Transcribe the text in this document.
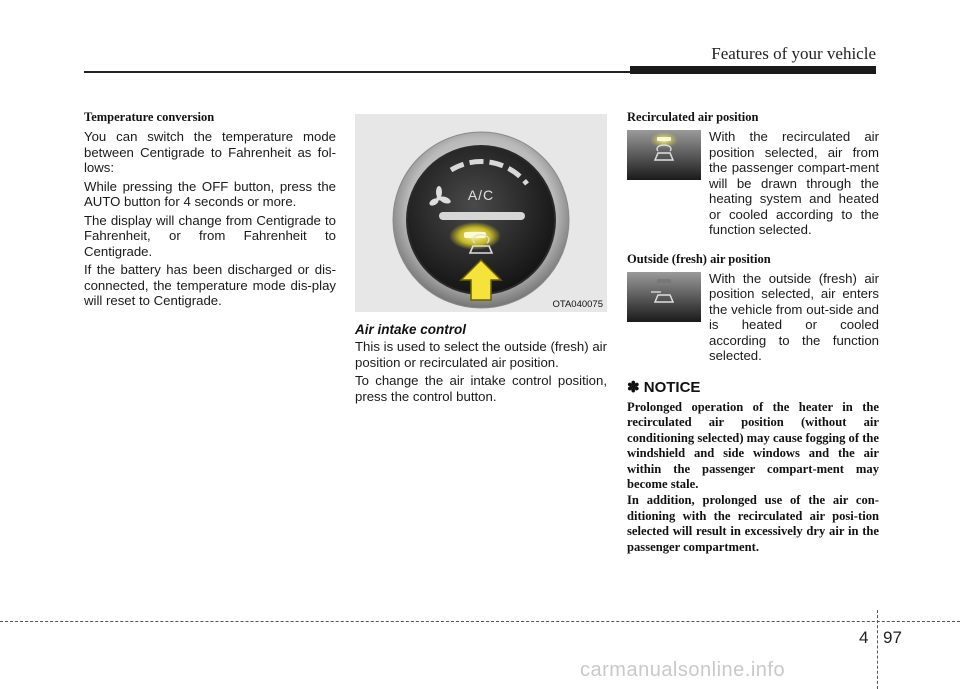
Features of your vehicle
Temperature conversion

You can switch the temperature mode between Centigrade to Fahrenheit as fol-lows:

While pressing the OFF button, press the AUTO button for 4 seconds or more.

The display will change from Centigrade to Fahrenheit, or from Fahrenheit to Centigrade.

If the battery has been discharged or dis-connected, the temperature mode dis-play will reset to Centigrade.

A/C
OTA040075
Air intake control

This is used to select the outside (fresh) air position or recirculated air position.

To change the air intake control position, press the control button.

Recirculated air position
With the recirculated air position selected, air from the passenger compart-ment will be drawn through the heating system and heated or cooled according to the function selected.
Outside (fresh) air position
With the outside (fresh) air position selected, air enters the vehicle from out-side and is heated or cooled according to the function selected.
✽ NOTICE

Prolonged operation of the heater in the recirculated air position (without air conditioning selected) may cause fogging of the windshield and side windows and the air within the passenger compart-ment may become stale.

In addition, prolonged use of the air con-ditioning with the recirculated air posi-tion selected will result in excessively dry air in the passenger compartment.

4 97
carmanualsonline.info
